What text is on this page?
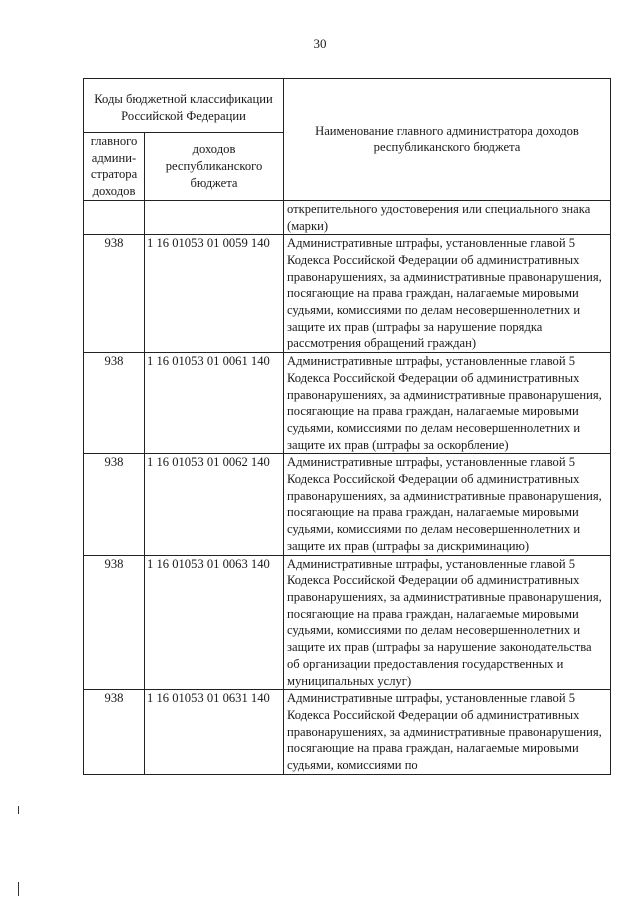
30
Коды бюджетной классификации Российской Федерации		Наименование главного администратора доходов республиканского бюджета
главного админи-стратора доходов	доходов республиканского бюджета	
		открепительного удостоверения или специального знака (марки)
938	1 16 01053 01 0059 140	Административные штрафы, установленные главой 5 Кодекса Российской Федерации об административных правонарушениях, за административные правонарушения, посягающие на права граждан, налагаемые мировыми судьями, комиссиями по делам несовершеннолетних и защите их прав (штрафы за нарушение порядка рассмотрения обращений граждан)
938	1 16 01053 01 0061 140	Административные штрафы, установленные главой 5 Кодекса Российской Федерации об административных правонарушениях, за административные правонарушения, посягающие на права граждан, налагаемые мировыми судьями, комиссиями по делам несовершеннолетних и защите их прав (штрафы за оскорбление)
938	1 16 01053 01 0062 140	Административные штрафы, установленные главой 5 Кодекса Российской Федерации об административных правонарушениях, за административные правонарушения, посягающие на права граждан, налагаемые мировыми судьями, комиссиями по делам несовершеннолетних и защите их прав (штрафы за дискриминацию)
938	1 16 01053 01 0063 140	Административные штрафы, установленные главой 5 Кодекса Российской Федерации об административных правонарушениях, за административные правонарушения, посягающие на права граждан, налагаемые мировыми судьями, комиссиями по делам несовершеннолетних и защите их прав (штрафы за нарушение законодательства об организации предоставления государственных и муниципальных услуг)
938	1 16 01053 01 0631 140	Административные штрафы, установленные главой 5 Кодекса Российской Федерации об административных правонарушениях, за административные правонарушения, посягающие на права граждан, налагаемые мировыми судьями, комиссиями по
